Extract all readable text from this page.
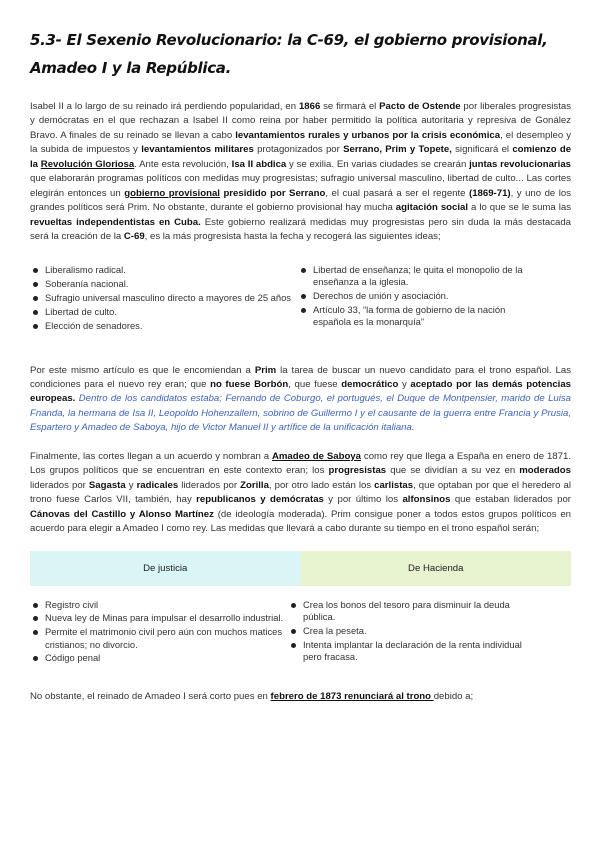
5.3- El Sexenio Revolucionario: la C-69, el gobierno provisional, Amadeo I y la República.

Isabel II a lo largo de su reinado irá perdiendo popularidad, en 1866 se firmará el Pacto de Ostende por liberales progresistas y demócratas en el que rechazan a Isabel II como reina por haber permitido la política autoritaria y represiva de Gonález Bravo. A finales de su reinado se llevan a cabo levantamientos rurales y urbanos por la crisis económica, el desempleo y la subida de impuestos y levantamientos militares protagonizados por Serrano, Prim y Topete, significará el comienzo de la Revolución Gloriosa. Ante esta revolución, Isa II abdica y se exilia. En varias ciudades se crearán juntas revolucionarias que elaborarán programas políticos con medidas muy progresistas; sufragio universal masculino, libertad de culto... Las cortes elegirán entonces un gobierno provisional presidido por Serrano, el cual pasará a ser el regente (1869-71), y uno de los grandes políticos será Prim. No obstante, durante el gobierno provisional hay mucha agitación social a lo que se le suma las revueltas independentistas en Cuba. Este gobierno realizará medidas muy progresistas pero sin duda la más destacada será la creación de la C-69, es la más progresista hasta la fecha y recogerá las siguientes ideas;

Liberalismo radical.
Soberanía nacional.
Sufragio universal masculino directo a mayores de 25 años
Libertad de culto.
Elección de senadores.
Libertad de enseñanza; le quita el monopolio de la enseñanza a la iglesia.
Derechos de unión y asociación.
Artículo 33, “la forma de gobierno de la nación española es la monarquía”

Por este mismo artículo es que le encomiendan a Prim la tarea de buscar un nuevo candidato para el trono español. Las condiciones para el nuevo rey eran; que no fuese Borbón, que fuese democrático y aceptado por las demás potencias europeas. Dentro de los candidatos estaba; Fernando de Coburgo, el portugués, el Duque de Montpensier, marido de Luisa Fnanda, la hermana de Isa II, Leopoldo Hohenzallern, sobrino de Guillermo I y el causante de la guerra entre Francia y Prusia, Espartero y Amadeo de Saboya, hijo de Victor Manuel II y artífice de la unificación italiana.

Finalmente, las cortes llegan a un acuerdo y nombran a Amadeo de Saboya como rey que llega a España en enero de 1871. Los grupos políticos que se encuentran en este contexto eran; los progresistas que se dividían a su vez en moderados liderados por Sagasta y radicales liderados por Zorilla, por otro lado están los carlistas, que optaban por que el heredero al trono fuese Carlos VII, también, hay republicanos y demócratas y por último los alfonsinos que estaban liderados por Cánovas del Castillo y Alonso Martínez (de ideología moderada). Prim consigue poner a todos estos grupos políticos en acuerdo para elegir a Amadeo I como rey. Las medidas que llevará a cabo durante su tiempo en el trono español serán;

De justicia	De Hacienda
Registro civil
Nueva ley de Minas para impulsar el desarrollo industrial.
Permite el matrimonio civil pero aún con muchos matices cristianos; no divorcio.
Código penal
Crea los bonos del tesoro para disminuir la deuda pública.
Crea la peseta.
Intenta implantar la declaración de la renta individual pero fracasa.

No obstante, el reinado de Amadeo I será corto pues en febrero de 1873 renunciará al trono debido a;
